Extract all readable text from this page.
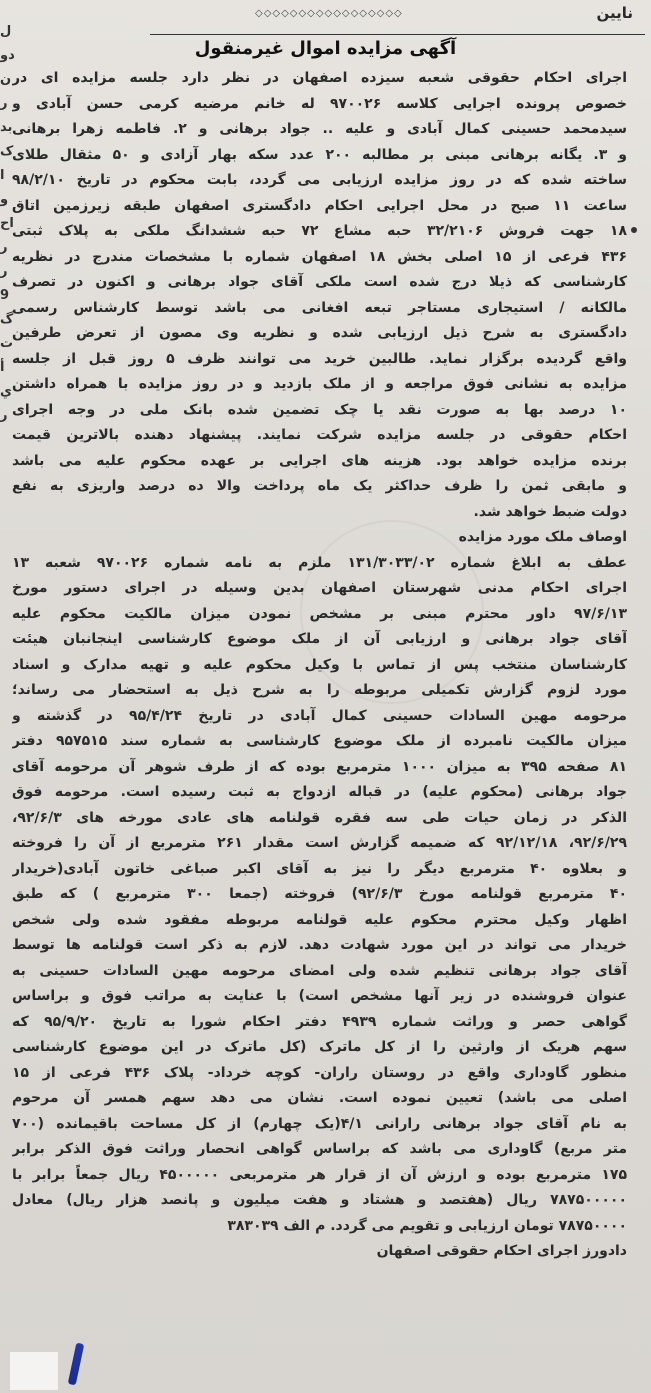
نایین
◇◇◇◇◇◇◇◇◇◇◇◇◇◇◇◇◇
ل
دو
ن
ر
بد
ک
ا
و
اح
ر
ر
9
گ
ت
أ
ي
ر
آگهی مزایده اموال غیرمنقول
اجرای احکام حقوقی شعبه سیزده اصفهان در نظر دارد جلسه مزایده ای در
خصوص پرونده اجرایی کلاسه ۹۷۰۰۲۶ له خانم مرضیه کرمی حسن آبادی و
سیدمحمد حسینی کمال آبادی و علیه .. جواد برهانی و ۲. فاطمه زهرا برهانی
و ۳. یگانه برهانی مبنی بر مطالبه ۲۰۰ عدد سکه بهار آزادی و ۵۰ مثقال طلای
ساخته شده که در روز مزایده ارزیابی می گردد، بابت محکوم در تاریخ ۹۸/۲/۱۰
ساعت ۱۱ صبح در محل اجرایی احکام دادگستری اصفهان طبقه زیرزمین اتاق
۱۸ جهت فروش ۳۲/۲۱۰۶ حبه مشاع ۷۲ حبه ششدانگ ملکی به پلاک ثبتی
۴۳۶ فرعی از ۱۵ اصلی بخش ۱۸ اصفهان شماره با مشخصات مندرج در نظریه
کارشناسی که ذیلا درج شده است ملکی آقای جواد برهانی و اکنون در تصرف
مالکانه / استیجاری مستاجر تبعه افغانی می باشد توسط کارشناس رسمی
دادگستری به شرح ذیل ارزیابی شده و نظریه وی مصون از تعرض طرفین
واقع گردیده برگزار نماید. طالبین خرید می توانند ظرف ۵ روز قبل از جلسه
مزایده به نشانی فوق مراجعه و از ملک بازدید و در روز مزایده با همراه داشتن
۱۰ درصد بها به صورت نقد یا چک تضمین شده بانک ملی در وجه اجرای
احکام حقوقی در جلسه مزایده شرکت نمایند. پیشنهاد دهنده بالاترین قیمت
برنده مزایده خواهد بود. هزینه های اجرایی بر عهده محکوم علیه می باشد
و مابقی ثمن را ظرف حداکثر یک ماه پرداخت والا ده درصد واریزی به نفع
دولت ضبط خواهد شد.
اوصاف ملک مورد مزایده
عطف به ابلاغ شماره ۱۳۱/۳۰۳۳/۰۲ ملزم به نامه شماره ۹۷۰۰۲۶ شعبه ۱۳
اجرای احکام مدنی شهرستان اصفهان بدین وسیله در اجرای دستور مورخ
۹۷/۶/۱۳ داور محترم مبنی بر مشخص نمودن میزان مالکیت محکوم علیه
آقای جواد برهانی و ارزیابی آن از ملک موضوع کارشناسی اینجانبان هیئت
کارشناسان منتخب پس از تماس با وکیل محکوم علیه و تهیه مدارک و اسناد
مورد لزوم گزارش تکمیلی مربوطه را به شرح ذیل به استحضار می رساند؛
مرحومه مهین السادات حسینی کمال آبادی در تاریخ ۹۵/۴/۲۴ در گذشته و
میزان مالکیت نامبرده از ملک موضوع کارشناسی به شماره سند ۹۵۷۵۱۵ دفتر
۸۱ صفحه ۳۹۵ به میزان ۱۰۰۰ مترمربع بوده که از طرف شوهر آن مرحومه آقای
جواد برهانی (محکوم علیه) در قباله ازدواج به ثبت رسیده است. مرحومه فوق
الذکر در زمان حیات طی سه فقره قولنامه های عادی مورخه های ۹۲/۶/۳،
۹۲/۶/۲۹، ۹۲/۱۲/۱۸ که ضمیمه گزارش است مقدار ۲۶۱ مترمربع از آن را فروخته
و بعلاوه ۴۰ مترمربع دیگر را نیز به آقای اکبر صباغی خاتون آبادی(خریدار
۴۰ مترمربع قولنامه مورخ ۹۲/۶/۳) فروخته (جمعا ۳۰۰ مترمربع ) که طبق
اظهار وکیل محترم محکوم علیه قولنامه مربوطه مفقود شده ولی شخص
خریدار می تواند در این مورد شهادت دهد. لازم به ذکر است قولنامه ها توسط
آقای جواد برهانی تنظیم شده ولی امضای مرحومه مهین السادات حسینی به
عنوان فروشنده در زیر آنها مشخص است) با عنایت به مراتب فوق و براساس
گواهی حصر و وراثت شماره ۴۹۳۹ دفتر احکام شورا به تاریخ ۹۵/۹/۲۰ که
سهم هریک از وارثین را از کل ماترک (کل ماترک در این موضوع کارشناسی
منظور گاوداری واقع در روستان راران- کوچه خرداد- پلاک ۴۳۶ فرعی از ۱۵
اصلی می باشد) تعیین نموده است. نشان می دهد سهم همسر آن مرحوم
به نام آقای جواد برهانی رارانی ۴/۱(یک چهارم) از کل مساحت باقیمانده (۷۰۰
متر مربع) گاوداری می باشد که براساس گواهی انحصار وراثت فوق الذکر برابر
۱۷۵ مترمربع بوده و ارزش آن از قرار هر مترمربعی ۴۵۰۰۰۰۰ ریال جمعاً برابر با
۷۸۷۵۰۰۰۰۰ ریال (هفتصد و هشتاد و هفت میلیون و پانصد هزار ریال) معادل
۷۸۷۵۰۰۰۰ تومان ارزیابی و تقویم می گردد. م الف ۳۸۳۰۳۹
دادورز اجرای احکام حقوقی اصفهان
